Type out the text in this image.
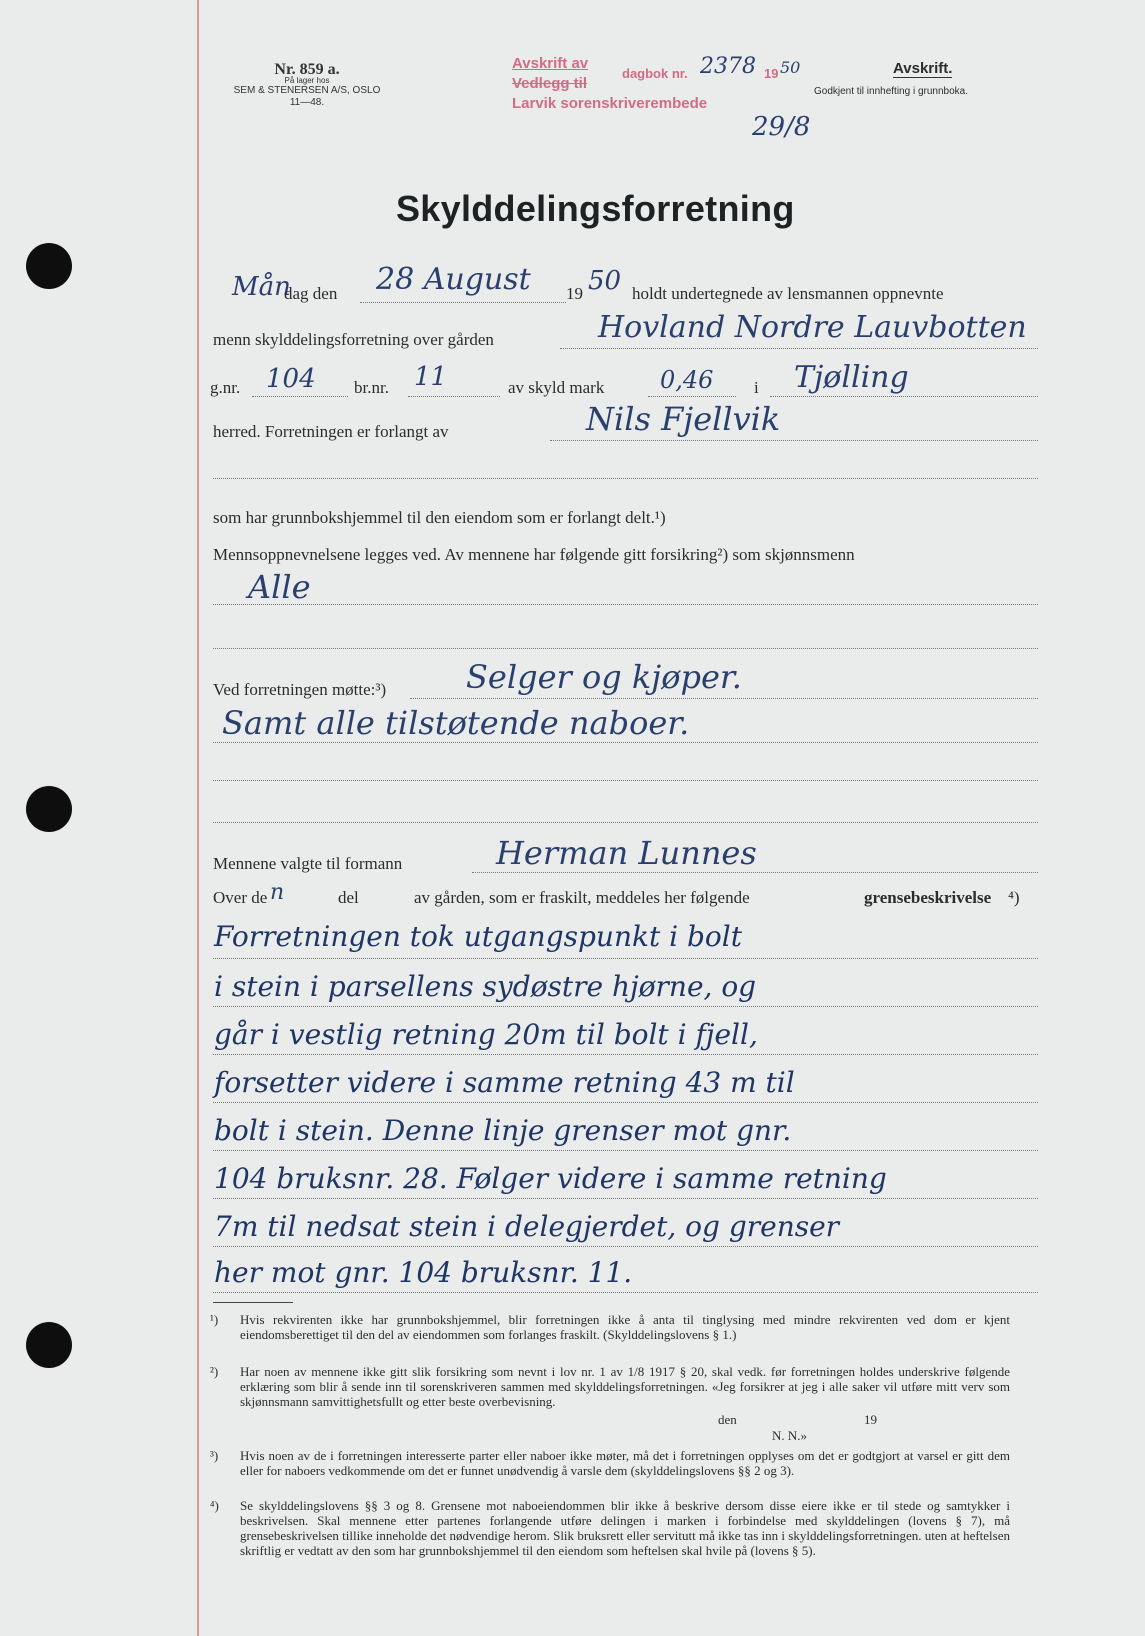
Nr. 859 a.
På lager hos
SEM & STENERSEN A/S, OSLO
11—48.
Avskrift av
Vedlegg til
Larvik sorenskriverembede
dagbok nr. 2378 19 50
29/8
Avskrift.
Godkjent til innhefting i grunnboka.
Skylddelingsforretning
Mån
dag den 28 August 19 50 holdt undertegnede av lensmannen oppnevnte
menn skylddelingsforretning over gården	Hovland Nordre Lauvbotten
g.nr. 104 br.nr. 11	av skyld mark 0,46 i Tjølling
herred. Forretningen er forlangt av	Nils Fjellvik
som har grunnbokshjemmel til den eiendom som er forlangt delt.¹)
Mennsoppnevnelsene legges ved. Av mennene har følgende gitt forsikring²) som skjønnsmenn
Alle
Ved forretningen møtte:³) Selger og kjøper.
Samt alle tilstøtende naboer.
Mennene valgte til formann	Herman Lunnes
Over de n	del	av gården, som er fraskilt, meddeles her følgende	grensebeskrivelse ⁴)
Forretningen tok utgangspunkt i bolt
i stein i parsellens sydøstre hjørne, og
går i vestlig retning 20m til bolt i fjell,
forsetter videre i samme retning 43 m til
bolt i stein. Denne linje grenser mot gnr.
104 bruksnr. 28. Følger videre i samme retning
7m til nedsat stein i delegjerdet, og grenser
her mot gnr. 104 bruksnr. 11.
¹) Hvis rekvirenten ikke har grunnbokshjemmel, blir forretningen ikke å anta til tinglysing med mindre rekvirenten ved dom er kjent eiendomsberettiget til den del av eiendommen som forlanges fraskilt. (Skylddelingslovens § 1.)
²) Har noen av mennene ikke gitt slik forsikring som nevnt i lov nr. 1 av 1/8 1917 § 20, skal vedk. før forretningen holdes underskrive følgende erklæring som blir å sende inn til sorenskriveren sammen med skylddelingsforretningen. «Jeg forsikrer at jeg i alle saker vil utføre mitt verv som skjønnsmann samvittighetsfullt og etter beste overbevisning.
den	19
N. N.»
³) Hvis noen av de i forretningen interesserte parter eller naboer ikke møter, må det i forretningen opplyses om det er godtgjort at varsel er gitt dem eller for naboers vedkommende om det er funnet unødvendig å varsle dem (skylddelingslovens §§ 2 og 3).
⁴) Se skylddelingslovens §§ 3 og 8. Grensene mot naboeiendommen blir ikke å beskrive dersom disse eiere ikke er til stede og samtykker i beskrivelsen. Skal mennene etter partenes forlangende utføre delingen i marken i forbindelse med skylddelingen (lovens § 7), må grensebeskrivelsen tillike inneholde det nødvendige herom. Slik bruksrett eller servitutt må ikke tas inn i skylddelingsforretningen. uten at heftelsen skriftlig er vedtatt av den som har grunnbokshjemmel til den eiendom som heftelsen skal hvile på (lovens § 5).
